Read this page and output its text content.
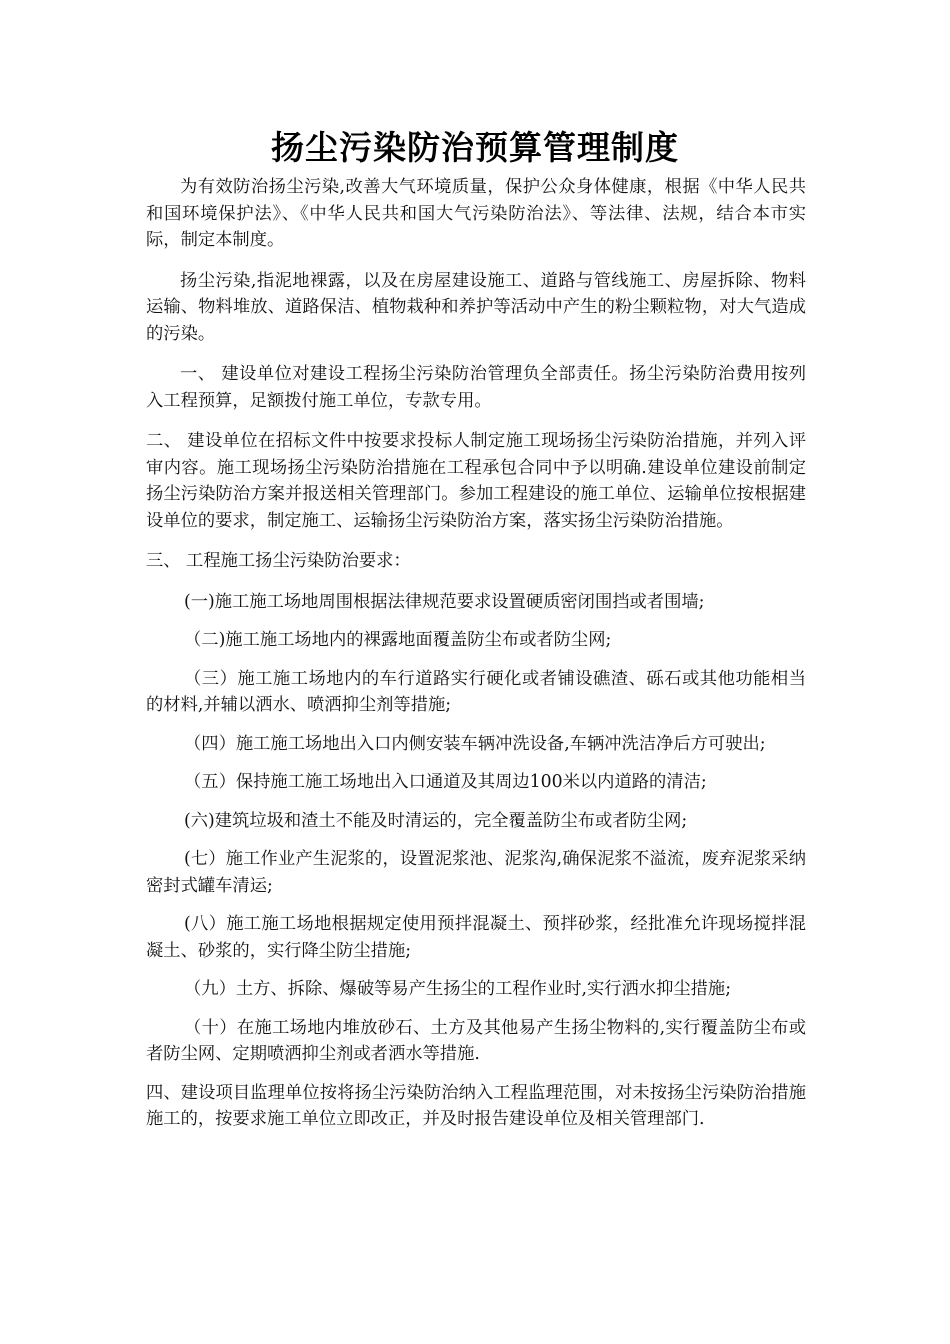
扬尘污染防治预算管理制度

为有效防治扬尘污染,改善大气环境质量，保护公众身体健康，根据《中华人民共和国环境保护法》、《中华人民共和国大气污染防治法》、等法律、法规，结合本市实际，制定本制度。

扬尘污染,指泥地裸露，以及在房屋建设施工、道路与管线施工、房屋拆除、物料运输、物料堆放、道路保洁、植物栽种和养护等活动中产生的粉尘颗粒物，对大气造成的污染。

一、 建设单位对建设工程扬尘污染防治管理负全部责任。扬尘污染防治费用按列入工程预算，足额拨付施工单位，专款专用。

二、 建设单位在招标文件中按要求投标人制定施工现场扬尘污染防治措施，并列入评审内容。施工现场扬尘污染防治措施在工程承包合同中予以明确.建设单位建设前制定扬尘污染防治方案并报送相关管理部门。参加工程建设的施工单位、运输单位按根据建设单位的要求，制定施工、运输扬尘污染防治方案，落实扬尘污染防治措施。

三、 工程施工扬尘污染防治要求：

(一)施工施工场地周围根据法律规范要求设置硬质密闭围挡或者围墙;

（二)施工施工场地内的裸露地面覆盖防尘布或者防尘网;

（三）施工施工场地内的车行道路实行硬化或者铺设礁渣、砾石或其他功能相当的材料,并辅以洒水、喷洒抑尘剂等措施;

（四）施工施工场地出入口内侧安装车辆冲洗设备,车辆冲洗洁净后方可驶出;

（五）保持施工施工场地出入口通道及其周边100米以内道路的清洁;

(六)建筑垃圾和渣土不能及时清运的，完全覆盖防尘布或者防尘网;

(七）施工作业产生泥浆的，设置泥浆池、泥浆沟,确保泥浆不溢流，废弃泥浆采纳密封式罐车清运;

(八）施工施工场地根据规定使用预拌混凝土、预拌砂浆，经批准允许现场搅拌混凝土、砂浆的，实行降尘防尘措施;

（九）土方、拆除、爆破等易产生扬尘的工程作业时,实行洒水抑尘措施;

（十）在施工场地内堆放砂石、土方及其他易产生扬尘物料的,实行覆盖防尘布或者防尘网、定期喷洒抑尘剂或者洒水等措施.

四、建设项目监理单位按将扬尘污染防治纳入工程监理范围，对未按扬尘污染防治措施施工的，按要求施工单位立即改正，并及时报告建设单位及相关管理部门.
